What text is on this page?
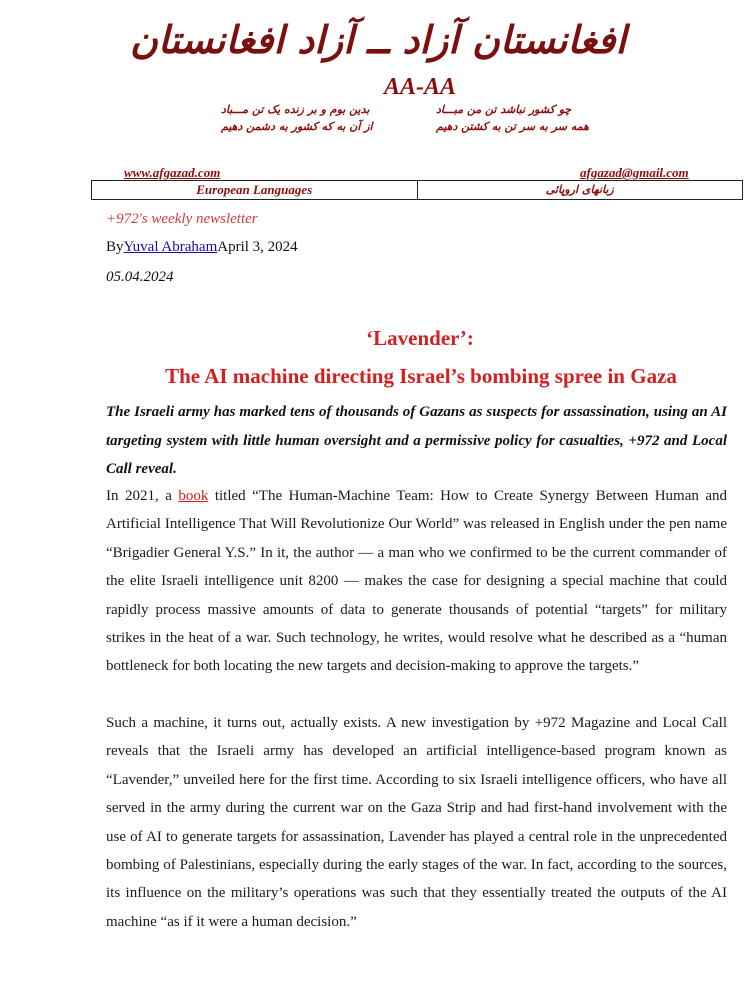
افغانستان آزاد ــ آزاد افغانستان
AA-AA
چو کشور نباشد تن من مبـــاد
بدین بوم و بر زنده یک تن مـــباد
همه سر به سر تن به کشتن دهیم
از آن به که کشور به دشمن دهیم
www.afgazad.com	afgazad@gmail.com
European Languages	زبانهای اروپائی
+972's weekly newsletter
ByYuval AbrahamApril 3, 2024
05.04.2024
‘Lavender’:
The AI machine directing Israel’s bombing spree in Gaza
The Israeli army has marked tens of thousands of Gazans as suspects for assassination, using an AI targeting system with little human oversight and a permissive policy for casualties, +972 and Local Call reveal.
In 2021, a book titled “The Human-Machine Team: How to Create Synergy Between Human and Artificial Intelligence That Will Revolutionize Our World” was released in English under the pen name “Brigadier General Y.S.” In it, the author — a man who we confirmed to be the current commander of the elite Israeli intelligence unit 8200 — makes the case for designing a special machine that could rapidly process massive amounts of data to generate thousands of potential “targets” for military strikes in the heat of a war. Such technology, he writes, would resolve what he described as a “human bottleneck for both locating the new targets and decision-making to approve the targets.”
Such a machine, it turns out, actually exists. A new investigation by +972 Magazine and Local Call reveals that the Israeli army has developed an artificial intelligence-based program known as “Lavender,” unveiled here for the first time. According to six Israeli intelligence officers, who have all served in the army during the current war on the Gaza Strip and had first-hand involvement with the use of AI to generate targets for assassination, Lavender has played a central role in the unprecedented bombing of Palestinians, especially during the early stages of the war. In fact, according to the sources, its influence on the military’s operations was such that they essentially treated the outputs of the AI machine “as if it were a human decision.”
